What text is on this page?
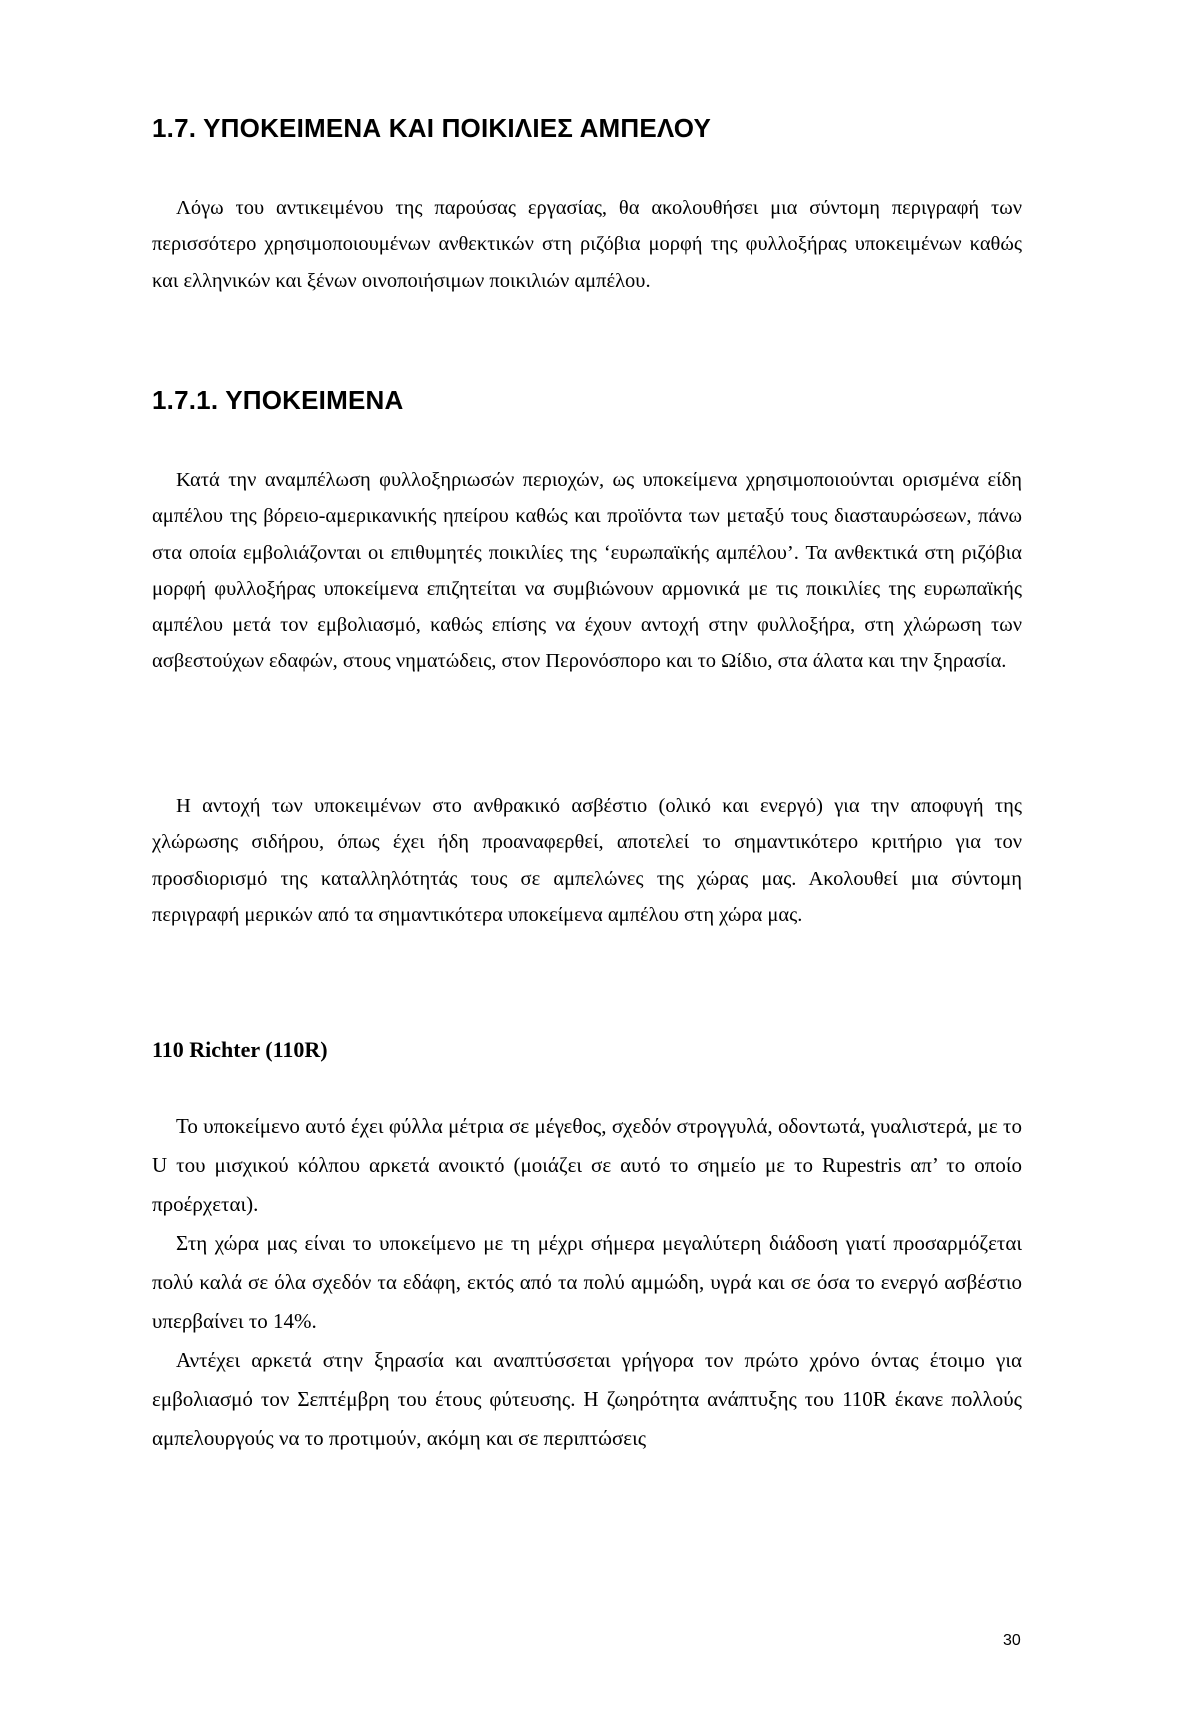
1.7. ΥΠΟΚΕΙΜΕΝΑ ΚΑΙ ΠΟΙΚΙΛΙΕΣ ΑΜΠΕΛΟΥ

Λόγω του αντικειμένου της παρούσας εργασίας, θα ακολουθήσει μια σύντομη περιγραφή των περισσότερο χρησιμοποιουμένων ανθεκτικών στη ριζόβια μορφή της φυλλοξήρας υποκειμένων καθώς και ελληνικών και ξένων οινοποιήσιμων ποικιλιών αμπέλου.

1.7.1. ΥΠΟΚΕΙΜΕΝΑ

Κατά την αναμπέλωση φυλλοξηριωσών περιοχών, ως υποκείμενα χρησιμοποιούνται ορισμένα είδη αμπέλου της βόρειο-αμερικανικής ηπείρου καθώς και προϊόντα των μεταξύ τους διασταυρώσεων, πάνω στα οποία εμβολιάζονται οι επιθυμητές ποικιλίες της ‘ευρωπαϊκής αμπέλου’. Τα ανθεκτικά στη ριζόβια μορφή φυλλοξήρας υποκείμενα επιζητείται να συμβιώνουν αρμονικά με τις ποικιλίες της ευρωπαϊκής αμπέλου μετά τον εμβολιασμό, καθώς επίσης να έχουν αντοχή στην φυλλοξήρα, στη χλώρωση των ασβεστούχων εδαφών, στους νηματώδεις, στον Περονόσπορο και το Ωίδιο, στα άλατα και την ξηρασία.

Η αντοχή των υποκειμένων στο ανθρακικό ασβέστιο (ολικό και ενεργό) για την αποφυγή της χλώρωσης σιδήρου, όπως έχει ήδη προαναφερθεί, αποτελεί το σημαντικότερο κριτήριο για τον προσδιορισμό της καταλληλότητάς τους σε αμπελώνες της χώρας μας. Ακολουθεί μια σύντομη περιγραφή μερικών από τα σημαντικότερα υποκείμενα αμπέλου στη χώρα μας.

110 Richter (110R)

Το υποκείμενο αυτό έχει φύλλα μέτρια σε μέγεθος, σχεδόν στρογγυλά, οδοντωτά, γυαλιστερά, με το U του μισχικού κόλπου αρκετά ανοικτό (μοιάζει σε αυτό το σημείο με το Rupestris απ’ το οποίο προέρχεται).

Στη χώρα μας είναι το υποκείμενο με τη μέχρι σήμερα μεγαλύτερη διάδοση γιατί προσαρμόζεται πολύ καλά σε όλα σχεδόν τα εδάφη, εκτός από τα πολύ αμμώδη, υγρά και σε όσα το ενεργό ασβέστιο υπερβαίνει το 14%.

Αντέχει αρκετά στην ξηρασία και αναπτύσσεται γρήγορα τον πρώτο χρόνο όντας έτοιμο για εμβολιασμό τον Σεπτέμβρη του έτους φύτευσης. Η ζωηρότητα ανάπτυξης του 110R έκανε πολλούς αμπελουργούς να το προτιμούν, ακόμη και σε περιπτώσεις

30
